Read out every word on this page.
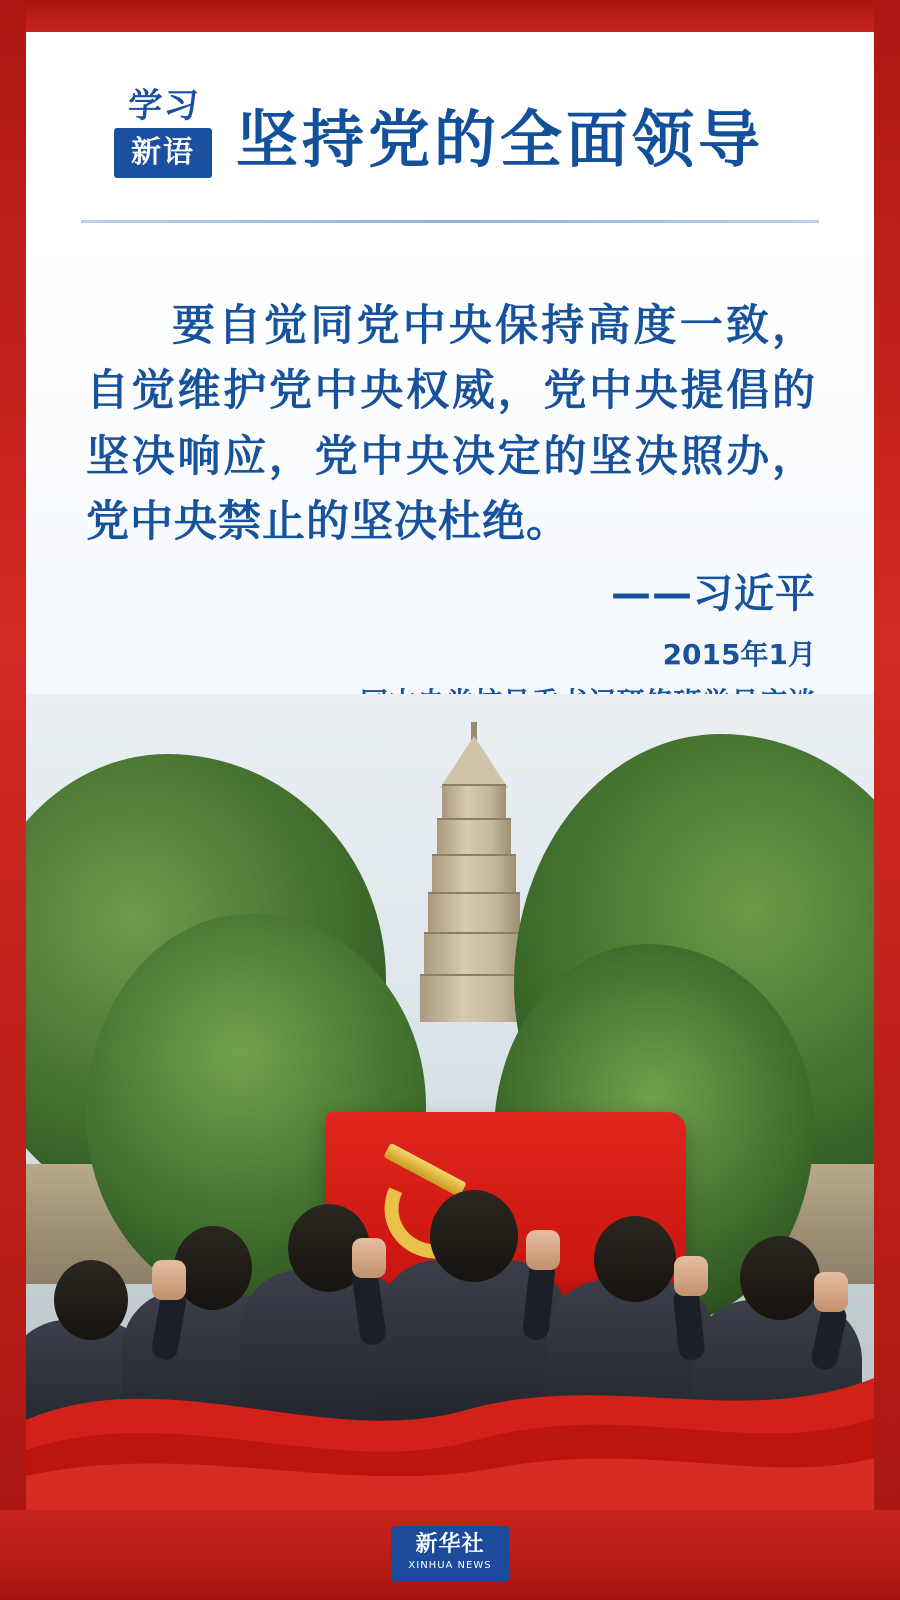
学习
新语 坚持党的全面领导
要自觉同党中央保持高度一致，自觉维护党中央权威，党中央提倡的坚决响应，党中央决定的坚决照办，党中央禁止的坚决杜绝。
——习近平
2015年1月
新华社
XINHUA NEWS
